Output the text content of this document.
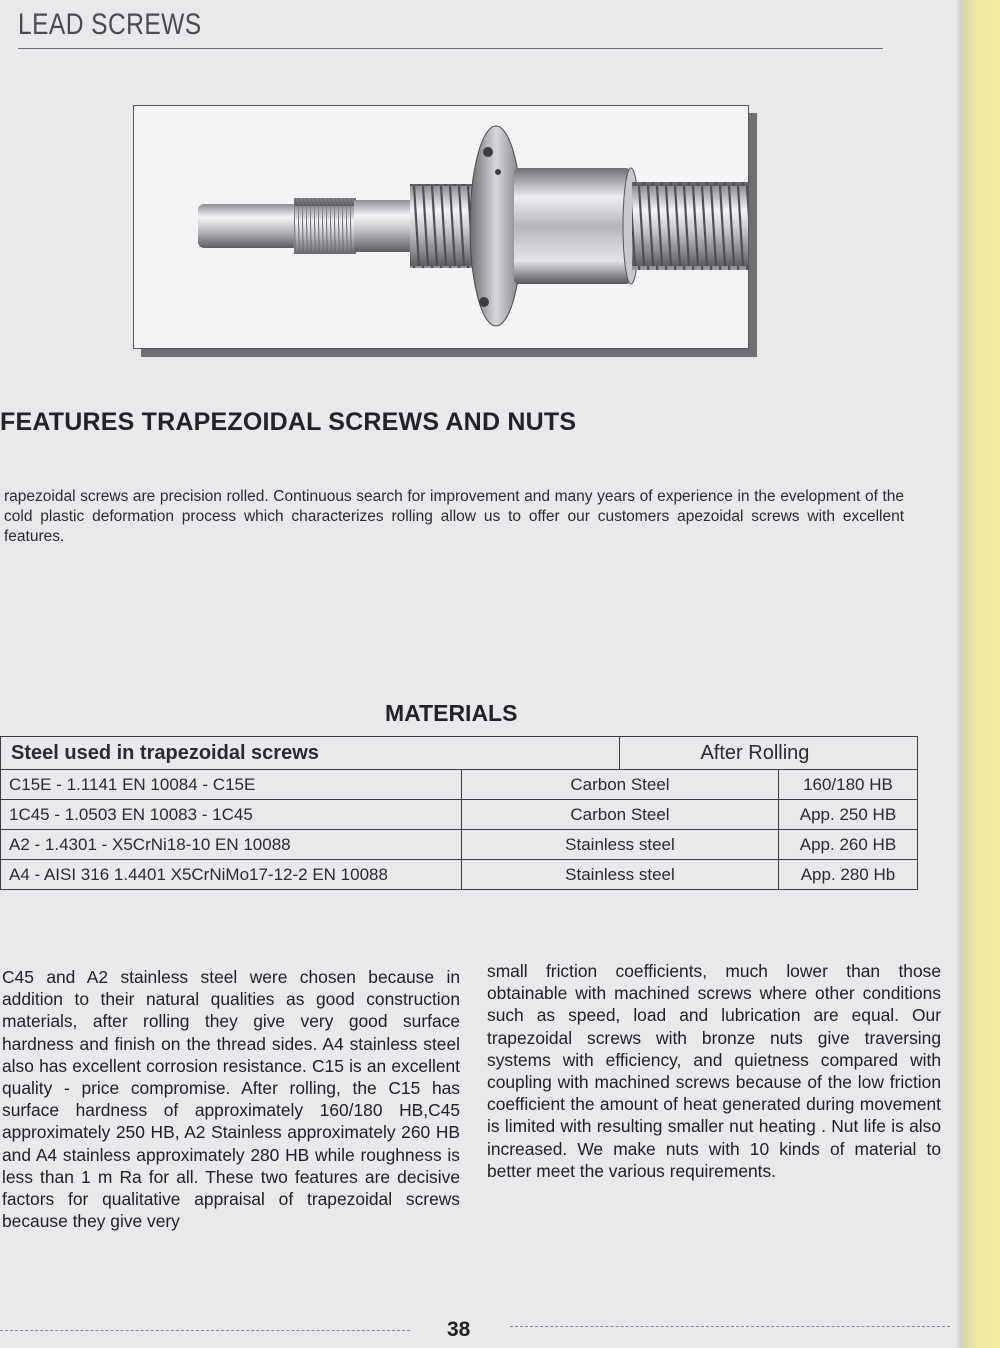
LEAD SCREWS
FEATURES TRAPEZOIDAL SCREWS AND NUTS
rapezoidal screws are precision rolled. Continuous search for improvement and many years of experience in the evelopment of the cold plastic deformation process which characterizes rolling allow us to offer our customers apezoidal screws with excellent features.
MATERIALS
Steel used in trapezoidal screws		After Rolling	
C15E - 1.1141 EN 10084 - C15E	Carbon Steel		160/180 HB
1C45 - 1.0503 EN 10083 - 1C45	Carbon Steel		App. 250 HB
A2 - 1.4301 - X5CrNi18-10 EN 10088	Stainless steel		App. 260 HB
A4 - AISI 316 1.4401 X5CrNiMo17-12-2 EN 10088	Stainless steel		App. 280 Hb

C45 and A2 stainless steel were chosen because in addition to their natural qualities as good construction materials, after rolling they give very good surface hardness and finish on the thread sides. A4 stainless steel also has excellent corrosion resistance. C15 is an excellent quality - price compromise. After rolling, the C15 has surface hardness of approximately 160/180 HB,C45 approximately 250 HB, A2 Stainless approximately 260 HB and A4 stainless approximately 280 HB while roughness is less than 1 m Ra for all. These two features are decisive factors for qualitative appraisal of trapezoidal screws because they give very

small friction coefficients, much lower than those obtainable with machined screws where other conditions such as speed, load and lubrication are equal. Our trapezoidal screws with bronze nuts give traversing systems with efficiency, and quietness compared with coupling with machined screws because of the low friction coefficient the amount of heat generated during movement is limited with resulting smaller nut heating . Nut life is also increased. We make nuts with 10 kinds of material to better meet the various requirements.

38
